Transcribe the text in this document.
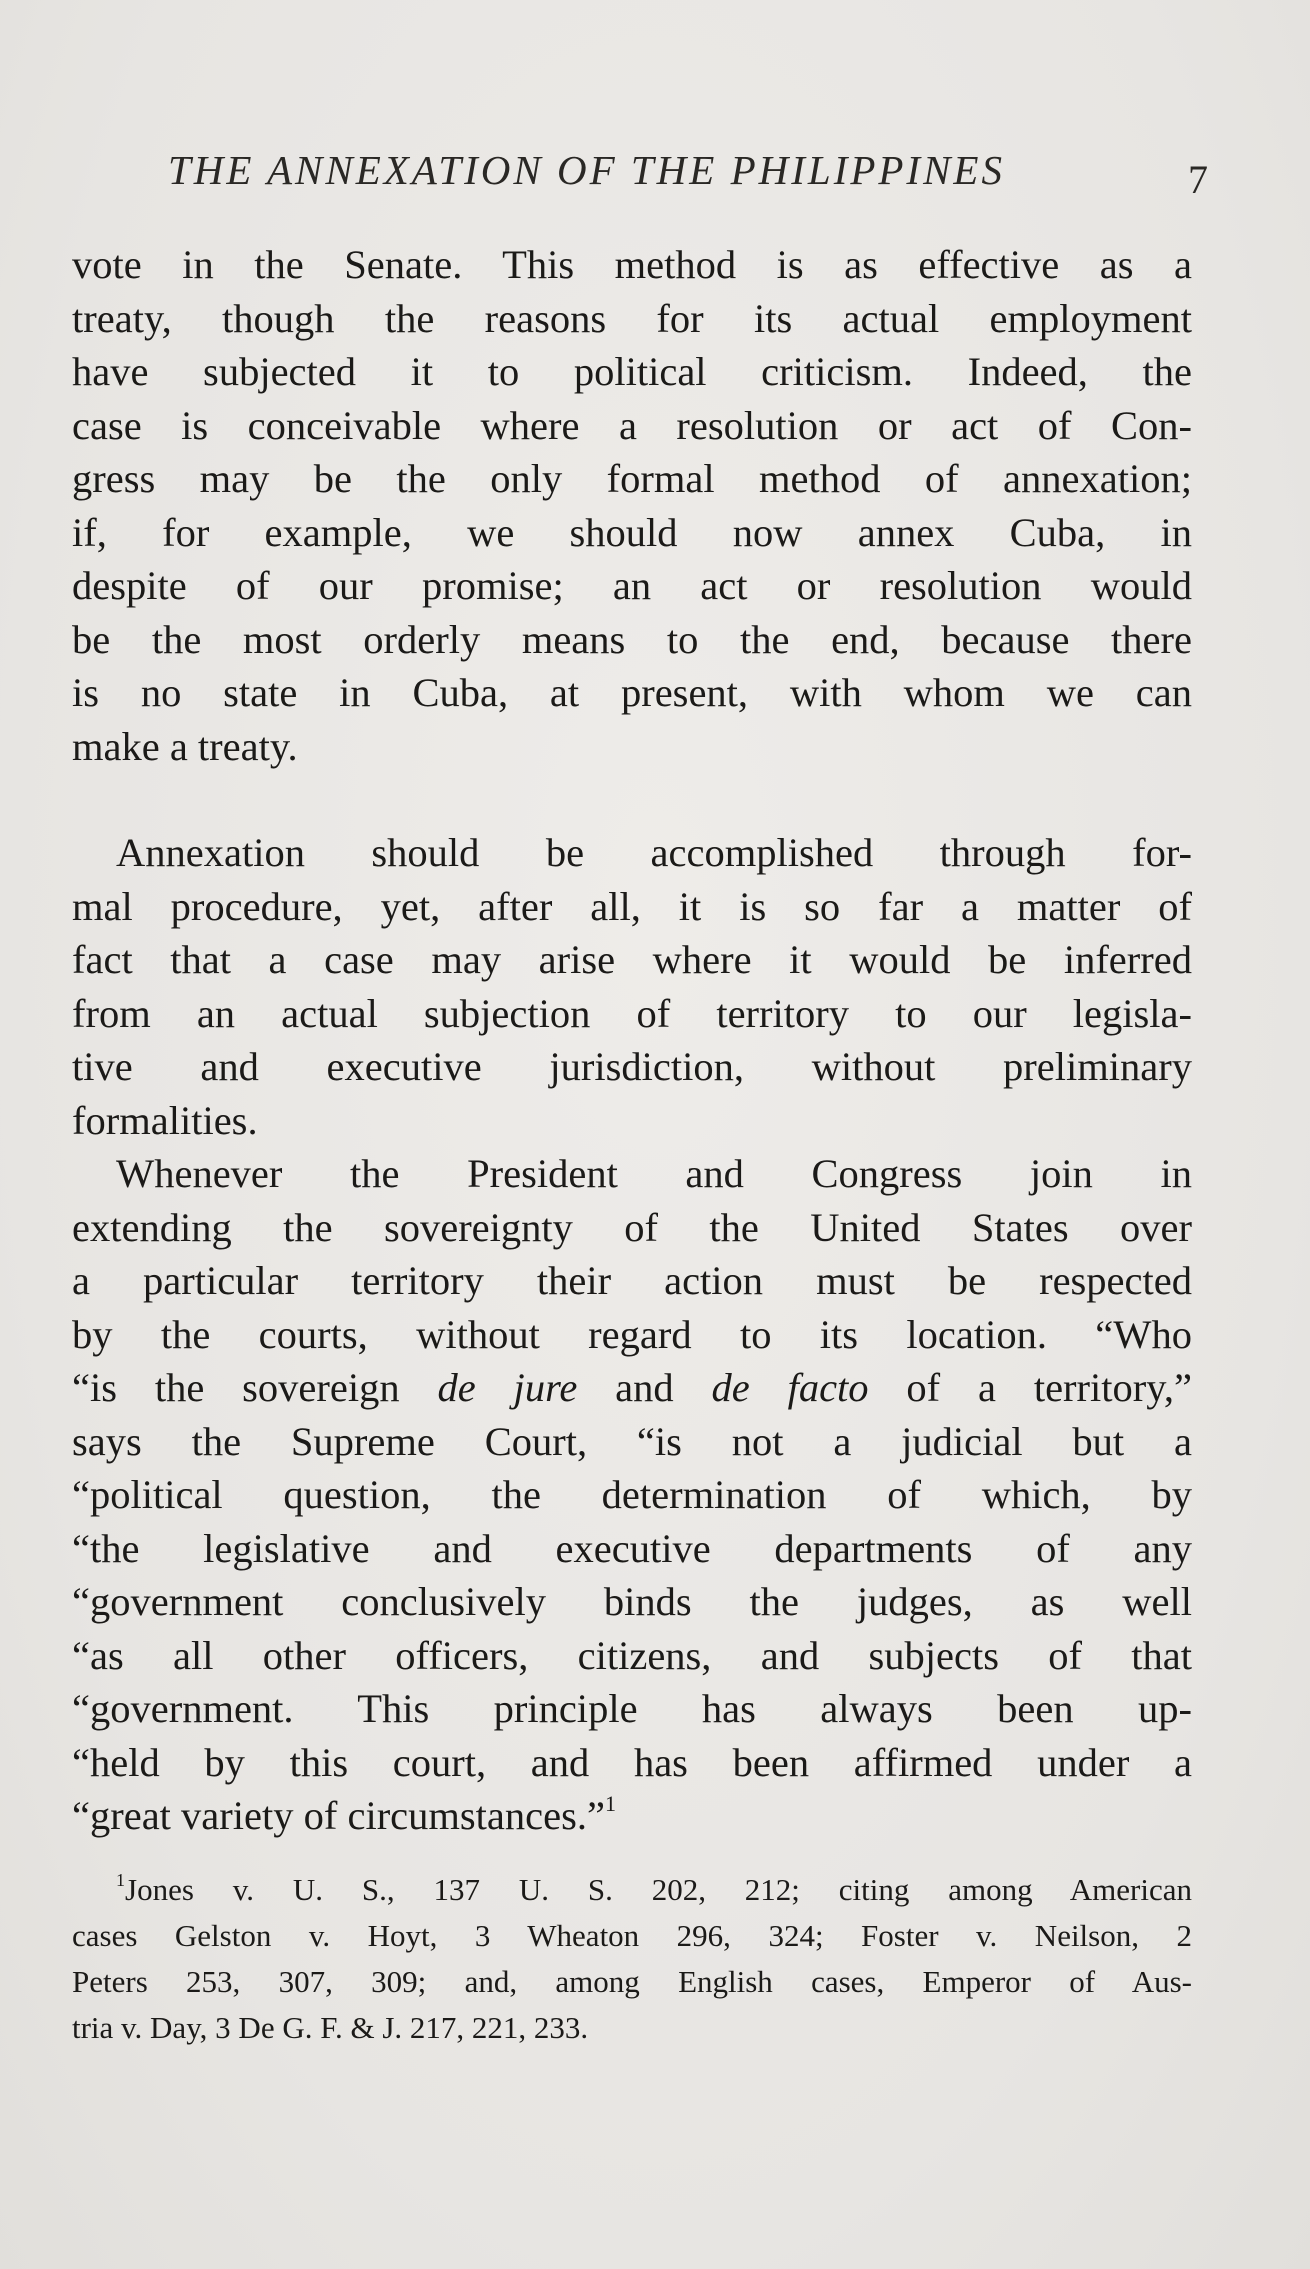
THE ANNEXATION OF THE PHILIPPINES	7
vote in the Senate. This method is as effective as a
treaty, though the reasons for its actual employment
have subjected it to political criticism. Indeed, the
case is conceivable where a resolution or act of Con-
gress may be the only formal method of annexation;
if, for example, we should now annex Cuba, in
despite of our promise; an act or resolution would
be the most orderly means to the end, because there
is no state in Cuba, at present, with whom we can
make a treaty.
Annexation should be accomplished through for-
mal procedure, yet, after all, it is so far a matter of
fact that a case may arise where it would be inferred
from an actual subjection of territory to our legisla-
tive and executive jurisdiction, without preliminary
formalities.
Whenever the President and Congress join in
extending the sovereignty of the United States over
a particular territory their action must be respected
by the courts, without regard to its location. “Who
“is the sovereign de jure and de facto of a territory,”
says the Supreme Court, “is not a judicial but a
“political question, the determination of which, by
“the legislative and executive departments of any
“government conclusively binds the judges, as well
“as all other officers, citizens, and subjects of that
“government. This principle has always been up-
“held by this court, and has been affirmed under a
“great variety of circumstances.”$^1$
$^1$Jones v. U. S., 137 U. S. 202, 212; citing among American
cases Gelston v. Hoyt, 3 Wheaton 296, 324; Foster v. Neilson, 2
Peters 253, 307, 309; and, among English cases, Emperor of Aus-
tria v. Day, 3 De G. F. & J. 217, 221, 233.
